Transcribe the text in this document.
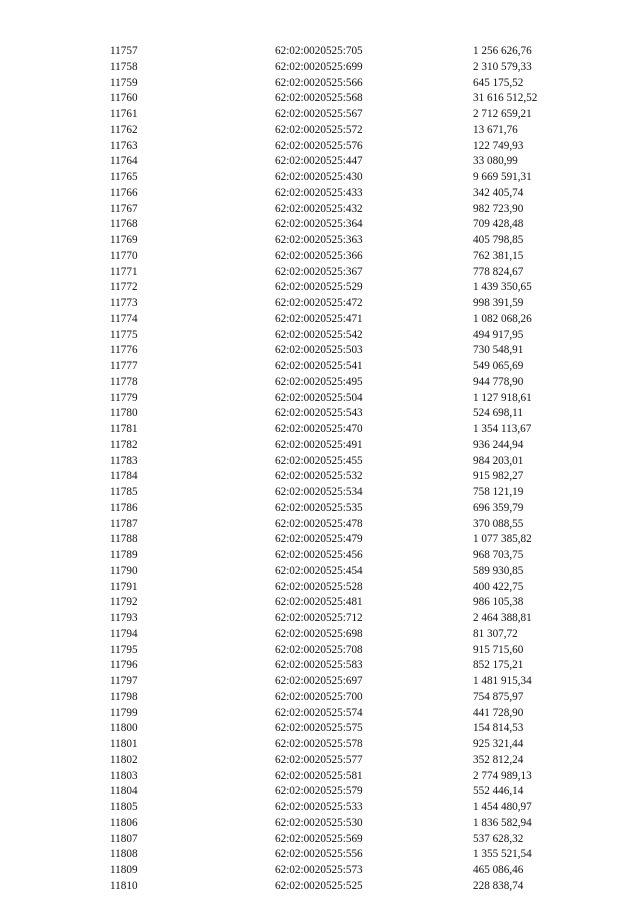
11757	62:02:0020525:705	1 256 626,76
11758	62:02:0020525:699	2 310 579,33
11759	62:02:0020525:566	645 175,52
11760	62:02:0020525:568	31 616 512,52
11761	62:02:0020525:567	2 712 659,21
11762	62:02:0020525:572	13 671,76
11763	62:02:0020525:576	122 749,93
11764	62:02:0020525:447	33 080,99
11765	62:02:0020525:430	9 669 591,31
11766	62:02:0020525:433	342 405,74
11767	62:02:0020525:432	982 723,90
11768	62:02:0020525:364	709 428,48
11769	62:02:0020525:363	405 798,85
11770	62:02:0020525:366	762 381,15
11771	62:02:0020525:367	778 824,67
11772	62:02:0020525:529	1 439 350,65
11773	62:02:0020525:472	998 391,59
11774	62:02:0020525:471	1 082 068,26
11775	62:02:0020525:542	494 917,95
11776	62:02:0020525:503	730 548,91
11777	62:02:0020525:541	549 065,69
11778	62:02:0020525:495	944 778,90
11779	62:02:0020525:504	1 127 918,61
11780	62:02:0020525:543	524 698,11
11781	62:02:0020525:470	1 354 113,67
11782	62:02:0020525:491	936 244,94
11783	62:02:0020525:455	984 203,01
11784	62:02:0020525:532	915 982,27
11785	62:02:0020525:534	758 121,19
11786	62:02:0020525:535	696 359,79
11787	62:02:0020525:478	370 088,55
11788	62:02:0020525:479	1 077 385,82
11789	62:02:0020525:456	968 703,75
11790	62:02:0020525:454	589 930,85
11791	62:02:0020525:528	400 422,75
11792	62:02:0020525:481	986 105,38
11793	62:02:0020525:712	2 464 388,81
11794	62:02:0020525:698	81 307,72
11795	62:02:0020525:708	915 715,60
11796	62:02:0020525:583	852 175,21
11797	62:02:0020525:697	1 481 915,34
11798	62:02:0020525:700	754 875,97
11799	62:02:0020525:574	441 728,90
11800	62:02:0020525:575	154 814,53
11801	62:02:0020525:578	925 321,44
11802	62:02:0020525:577	352 812,24
11803	62:02:0020525:581	2 774 989,13
11804	62:02:0020525:579	552 446,14
11805	62:02:0020525:533	1 454 480,97
11806	62:02:0020525:530	1 836 582,94
11807	62:02:0020525:569	537 628,32
11808	62:02:0020525:556	1 355 521,54
11809	62:02:0020525:573	465 086,46
11810	62:02:0020525:525	228 838,74
